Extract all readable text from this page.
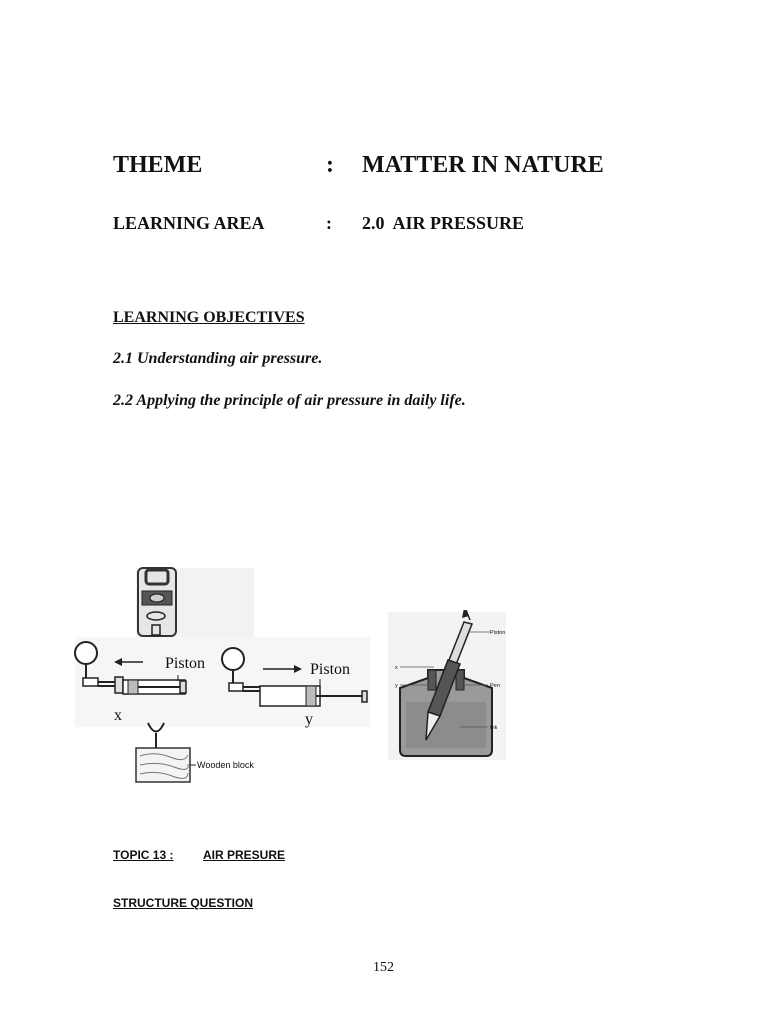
THEME	: MATTER IN NATURE
LEARNING AREA	: 2.0  AIR PRESSURE
LEARNING OBJECTIVES
2.1 Understanding air pressure.
2.2 Applying the principle of air pressure in daily life.
Piston
x
Piston
y
Wooden block
Piston
x
y	Pen
Ink
TOPIC 13 : AIR PRESURE
STRUCTURE QUESTION
152
